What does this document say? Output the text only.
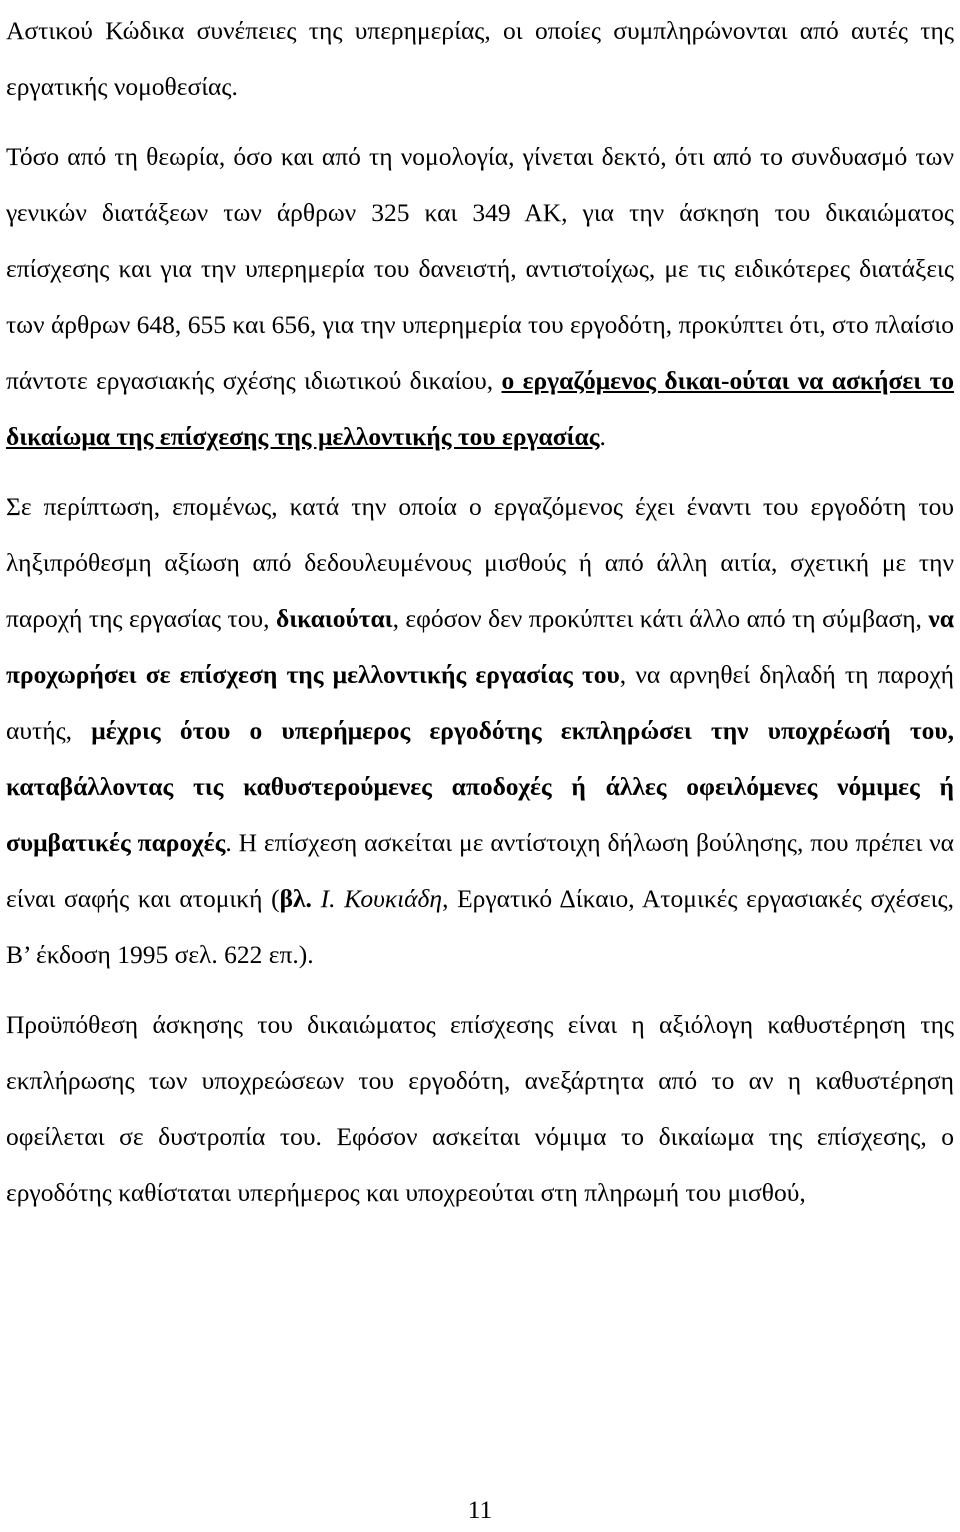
Αστικού Κώδικα συνέπειες της υπερημερίας, οι οποίες συμπληρώνονται από αυτές της εργατικής νομοθεσίας.
Τόσο από τη θεωρία, όσο και από τη νομολογία, γίνεται δεκτό, ότι από το συνδυασμό των γενικών διατάξεων των άρθρων 325 και 349 ΑΚ, για την άσκηση του δικαιώματος επίσχεσης και για την υπερημερία του δανειστή, αντιστοίχως, με τις ειδικότερες διατάξεις των άρθρων 648, 655 και 656, για την υπερημερία του εργοδότη, προκύπτει ότι, στο πλαίσιο πάντοτε εργασιακής σχέσης ιδιωτικού δικαίου, ο εργαζόμενος δικαι-ούται να ασκήσει το δικαίωμα της επίσχεσης της μελλοντικής του εργασίας.
Σε περίπτωση, επομένως, κατά την οποία ο εργαζόμενος έχει έναντι του εργοδότη του ληξιπρόθεσμη αξίωση από δεδουλευμένους μισθούς ή από άλλη αιτία, σχετική με την παροχή της εργασίας του, δικαιούται, εφόσον δεν προκύπτει κάτι άλλο από τη σύμβαση, να προχωρήσει σε επίσχεση της μελλοντικής εργασίας του, να αρνηθεί δηλαδή τη παροχή αυτής, μέχρις ότου ο υπερήμερος εργοδότης εκπληρώσει την υποχρέωσή του, καταβάλλοντας τις καθυστερούμενες αποδοχές ή άλλες οφειλόμενες νόμιμες ή συμβατικές παροχές. Η επίσχεση ασκείται με αντίστοιχη δήλωση βούλησης, που πρέπει να είναι σαφής και ατομική (βλ. Ι. Κουκιάδη, Εργατικό Δίκαιο, Ατομικές εργασιακές σχέσεις, Β’ έκδοση 1995 σελ. 622 επ.).
Προϋπόθεση άσκησης του δικαιώματος επίσχεσης είναι η αξιόλογη καθυστέρηση της εκπλήρωσης των υποχρεώσεων του εργοδότη, ανεξάρτητα από το αν η καθυστέρηση οφείλεται σε δυστροπία του. Εφόσον ασκείται νόμιμα το δικαίωμα της επίσχεσης, ο εργοδότης καθίσταται υπερήμερος και υποχρεούται στη πληρωμή του μισθού,
11
